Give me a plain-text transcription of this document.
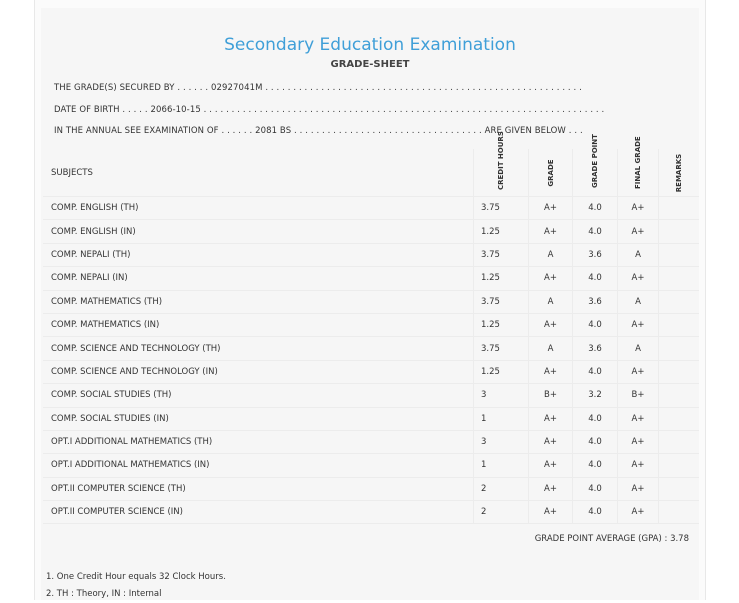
Secondary Education Examination
GRADE-SHEET
THE GRADE(S) SECURED BY . . . . . . 02927041M . . . . . . . . . . . . . . . . . . . . . . . . . . . . . . . . . . . . . . . . . . . . . . . . . . . . . . . . .
DATE OF BIRTH . . . . . 2066-10-15 . . . . . . . . . . . . . . . . . . . . . . . . . . . . . . . . . . . . . . . . . . . . . . . . . . . . . . . . . . . . . . . . . . . . . . . .
IN THE ANNUAL SEE EXAMINATION OF . . . . . . 2081 BS . . . . . . . . . . . . . . . . . . . . . . . . . . . . . . . . . . ARE GIVEN BELOW . . .
SUBJECTS	CREDIT HOURS	GRADE	GRADE POINT	FINAL GRADE	REMARKS
COMP. ENGLISH (TH)	3.75	A+	4.0	A+	
COMP. ENGLISH (IN)	1.25	A+	4.0	A+	
COMP. NEPALI (TH)	3.75	A	3.6	A	
COMP. NEPALI (IN)	1.25	A+	4.0	A+	
COMP. MATHEMATICS (TH)	3.75	A	3.6	A	
COMP. MATHEMATICS (IN)	1.25	A+	4.0	A+	
COMP. SCIENCE AND TECHNOLOGY (TH)	3.75	A	3.6	A	
COMP. SCIENCE AND TECHNOLOGY (IN)	1.25	A+	4.0	A+	
COMP. SOCIAL STUDIES (TH)	3	B+	3.2	B+	
COMP. SOCIAL STUDIES (IN)	1	A+	4.0	A+	
OPT.I ADDITIONAL MATHEMATICS (TH)	3	A+	4.0	A+	
OPT.I ADDITIONAL MATHEMATICS (IN)	1	A+	4.0	A+	
OPT.II COMPUTER SCIENCE (TH)	2	A+	4.0	A+	
OPT.II COMPUTER SCIENCE (IN)	2	A+	4.0	A+	
GRADE POINT AVERAGE (GPA) : 3.78
1. One Credit Hour equals 32 Clock Hours.
2. TH : Theory, IN : Internal
